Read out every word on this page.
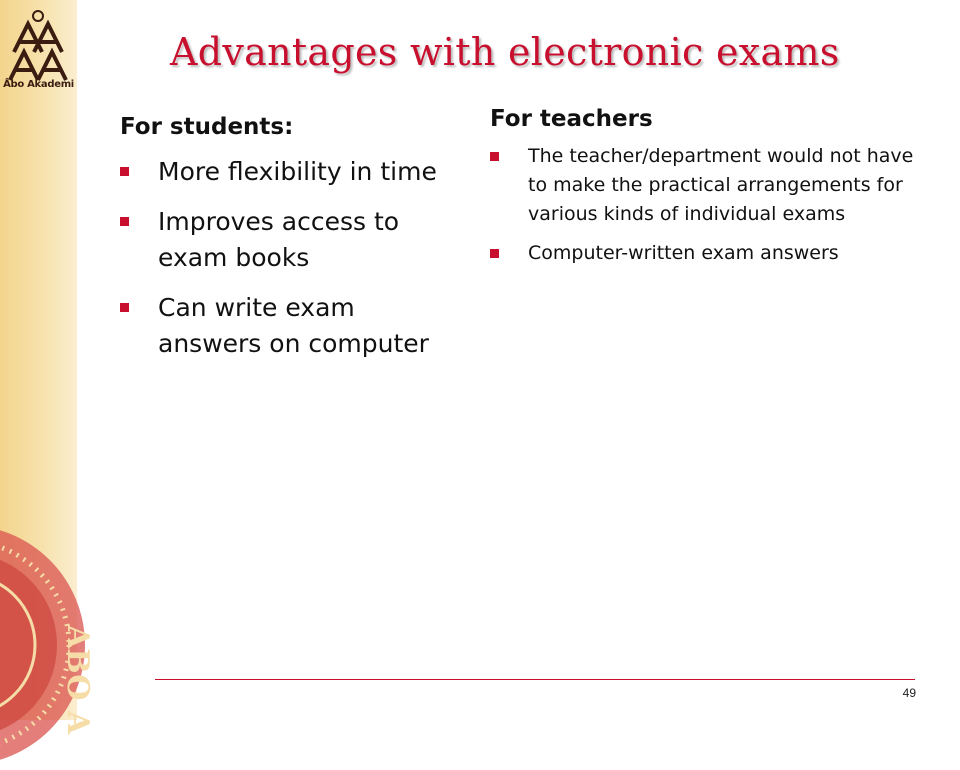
Åbo Akademi
ABO A
Advantages with electronic exams

For students:

More flexibility in time
Improves access to exam books
Can write exam answers on computer

For teachers

The teacher/department would not have to make the practical arrangements for various kinds of individual exams
Computer-written exam answers
49
